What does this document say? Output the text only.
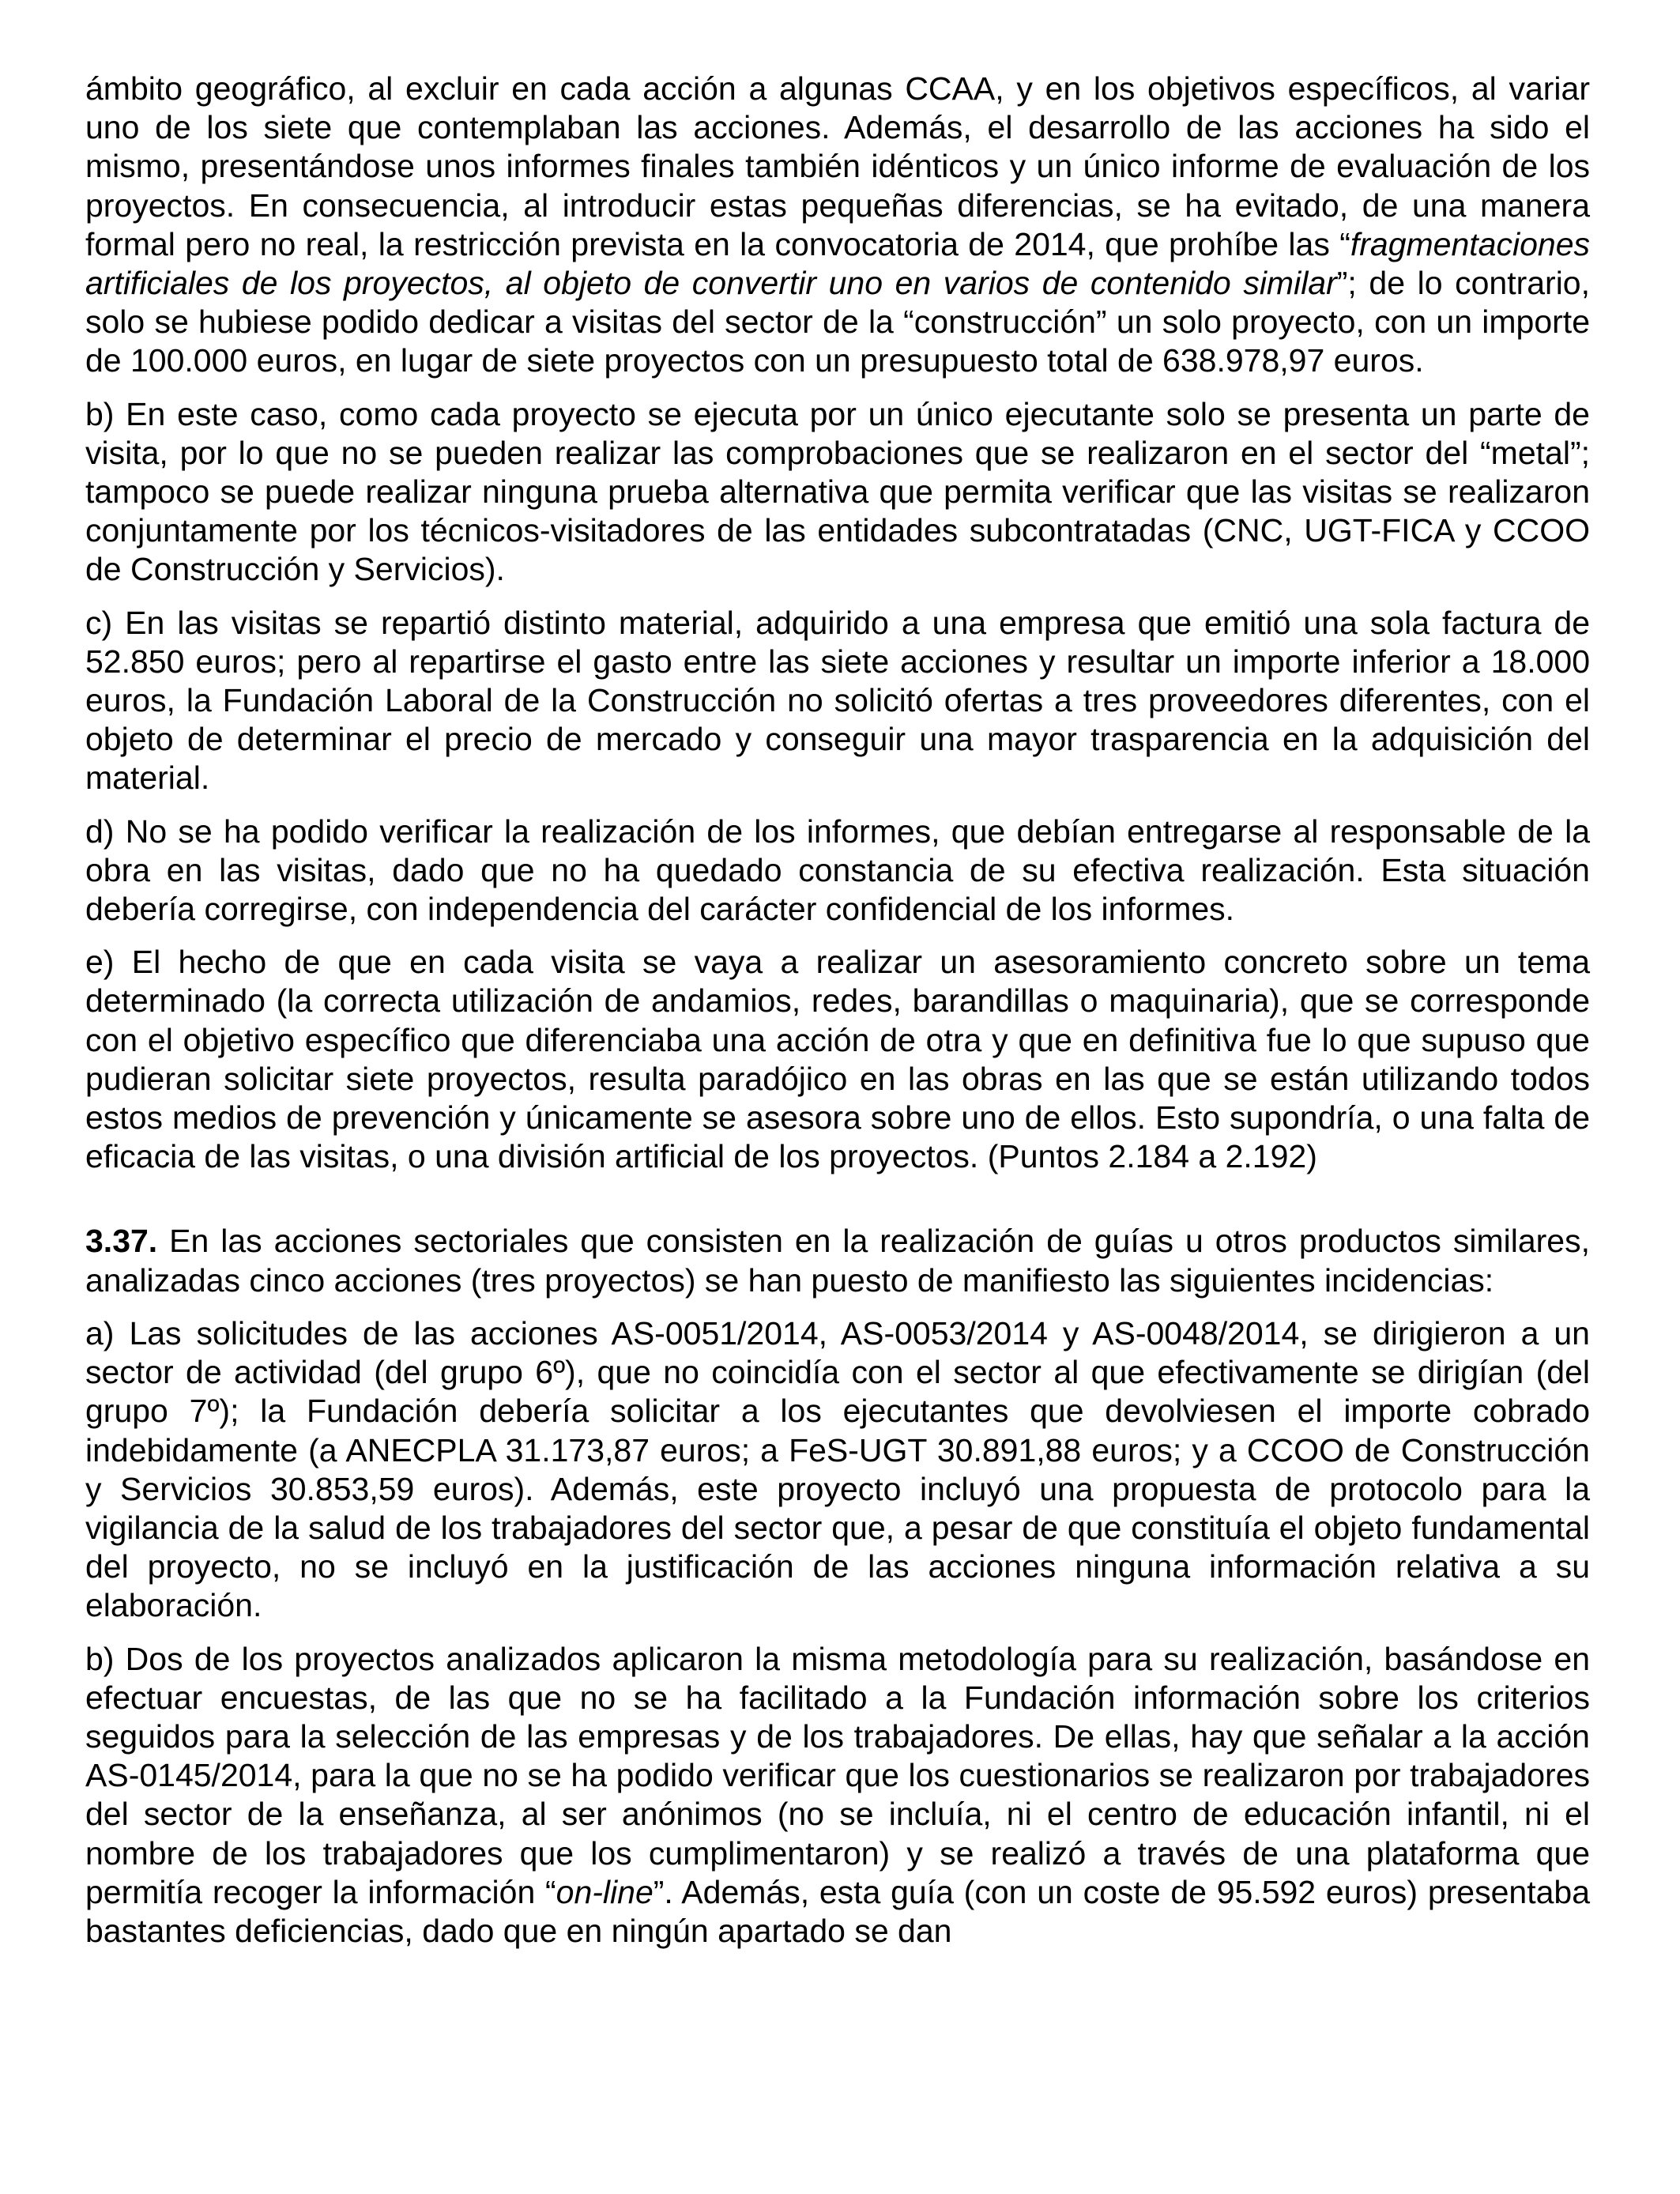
ámbito geográfico, al excluir en cada acción a algunas CCAA, y en los objetivos específicos, al variar uno de los siete que contemplaban las acciones. Además, el desarrollo de las acciones ha sido el mismo, presentándose unos informes finales también idénticos y un único informe de evaluación de los proyectos. En consecuencia, al introducir estas pequeñas diferencias, se ha evitado, de una manera formal pero no real, la restricción prevista en la convocatoria de 2014, que prohíbe las “fragmentaciones artificiales de los proyectos, al objeto de convertir uno en varios de contenido similar”; de lo contrario, solo se hubiese podido dedicar a visitas del sector de la “construcción” un solo proyecto, con un importe de 100.000 euros, en lugar de siete proyectos con un presupuesto total de 638.978,97 euros.

b) En este caso, como cada proyecto se ejecuta por un único ejecutante solo se presenta un parte de visita, por lo que no se pueden realizar las comprobaciones que se realizaron en el sector del “metal”; tampoco se puede realizar ninguna prueba alternativa que permita verificar que las visitas se realizaron conjuntamente por los técnicos-visitadores de las entidades subcontratadas (CNC, UGT-FICA y CCOO de Construcción y Servicios).

c) En las visitas se repartió distinto material, adquirido a una empresa que emitió una sola factura de 52.850 euros; pero al repartirse el gasto entre las siete acciones y resultar un importe inferior a 18.000 euros, la Fundación Laboral de la Construcción no solicitó ofertas a tres proveedores diferentes, con el objeto de determinar el precio de mercado y conseguir una mayor trasparencia en la adquisición del material.

d) No se ha podido verificar la realización de los informes, que debían entregarse al responsable de la obra en las visitas, dado que no ha quedado constancia de su efectiva realización. Esta situación debería corregirse, con independencia del carácter confidencial de los informes.

e) El hecho de que en cada visita se vaya a realizar un asesoramiento concreto sobre un tema determinado (la correcta utilización de andamios, redes, barandillas o maquinaria), que se corresponde con el objetivo específico que diferenciaba una acción de otra y que en definitiva fue lo que supuso que pudieran solicitar siete proyectos, resulta paradójico en las obras en las que se están utilizando todos estos medios de prevención y únicamente se asesora sobre uno de ellos. Esto supondría, o una falta de eficacia de las visitas, o una división artificial de los proyectos. (Puntos 2.184 a 2.192)

3.37. En las acciones sectoriales que consisten en la realización de guías u otros productos similares, analizadas cinco acciones (tres proyectos) se han puesto de manifiesto las siguientes incidencias:

a) Las solicitudes de las acciones AS-0051/2014, AS-0053/2014 y AS-0048/2014, se dirigieron a un sector de actividad (del grupo 6º), que no coincidía con el sector al que efectivamente se dirigían (del grupo 7º); la Fundación debería solicitar a los ejecutantes que devolviesen el importe cobrado indebidamente (a ANECPLA 31.173,87 euros; a FeS-UGT 30.891,88 euros; y a CCOO de Construcción y Servicios 30.853,59 euros). Además, este proyecto incluyó una propuesta de protocolo para la vigilancia de la salud de los trabajadores del sector que, a pesar de que constituía el objeto fundamental del proyecto, no se incluyó en la justificación de las acciones ninguna información relativa a su elaboración.

b) Dos de los proyectos analizados aplicaron la misma metodología para su realización, basándose en efectuar encuestas, de las que no se ha facilitado a la Fundación información sobre los criterios seguidos para la selección de las empresas y de los trabajadores. De ellas, hay que señalar a la acción AS-0145/2014, para la que no se ha podido verificar que los cuestionarios se realizaron por trabajadores del sector de la enseñanza, al ser anónimos (no se incluía, ni el centro de educación infantil, ni el nombre de los trabajadores que los cumplimentaron) y se realizó a través de una plataforma que permitía recoger la información “on-line”. Además, esta guía (con un coste de 95.592 euros) presentaba bastantes deficiencias, dado que en ningún apartado se dan
